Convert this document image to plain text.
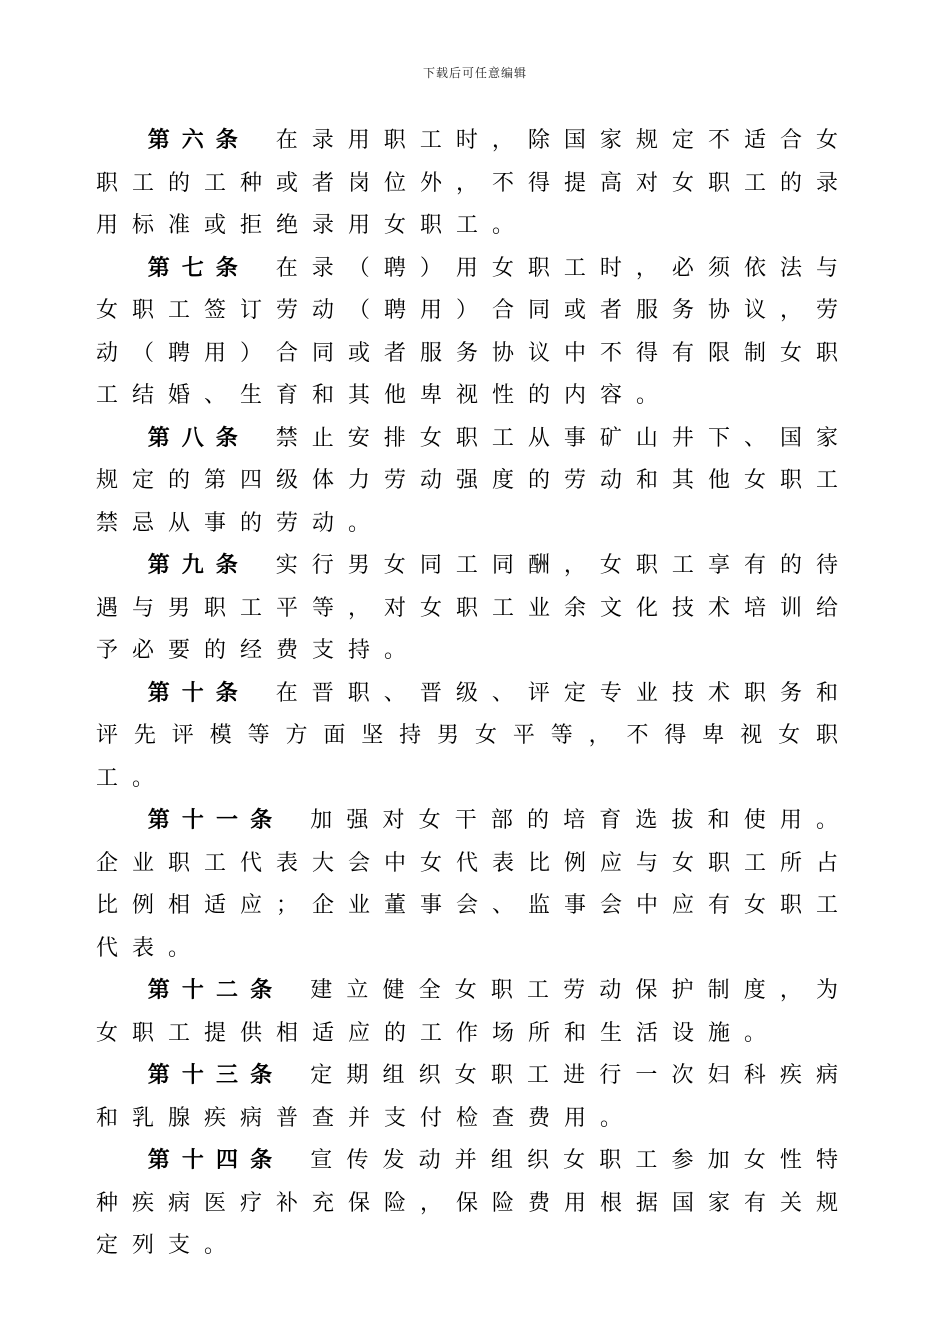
下载后可任意编辑

第六条 在录用职工时，除国家规定不适合女职工的工种或者岗位外，不得提高对女职工的录用标准或拒绝录用女职工。

第七条 在录（聘）用女职工时，必须依法与女职工签订劳动（聘用）合同或者服务协议，劳动（聘用）合同或者服务协议中不得有限制女职工结婚、生育和其他卑视性的内容。

第八条 禁止安排女职工从事矿山井下、国家规定的第四级体力劳动强度的劳动和其他女职工禁忌从事的劳动。

第九条 实行男女同工同酬，女职工享有的待遇与男职工平等，对女职工业余文化技术培训给予必要的经费支持。

第十条 在晋职、晋级、评定专业技术职务和评先评模等方面坚持男女平等，不得卑视女职工。

第十一条 加强对女干部的培育选拔和使用。企业职工代表大会中女代表比例应与女职工所占比例相适应；企业董事会、监事会中应有女职工代表。

第十二条 建立健全女职工劳动保护制度，为女职工提供相适应的工作场所和生活设施。

第十三条 定期组织女职工进行一次妇科疾病和乳腺疾病普查并支付检查费用。

第十四条 宣传发动并组织女职工参加女性特种疾病医疗补充保险，保险费用根据国家有关规定列支。
